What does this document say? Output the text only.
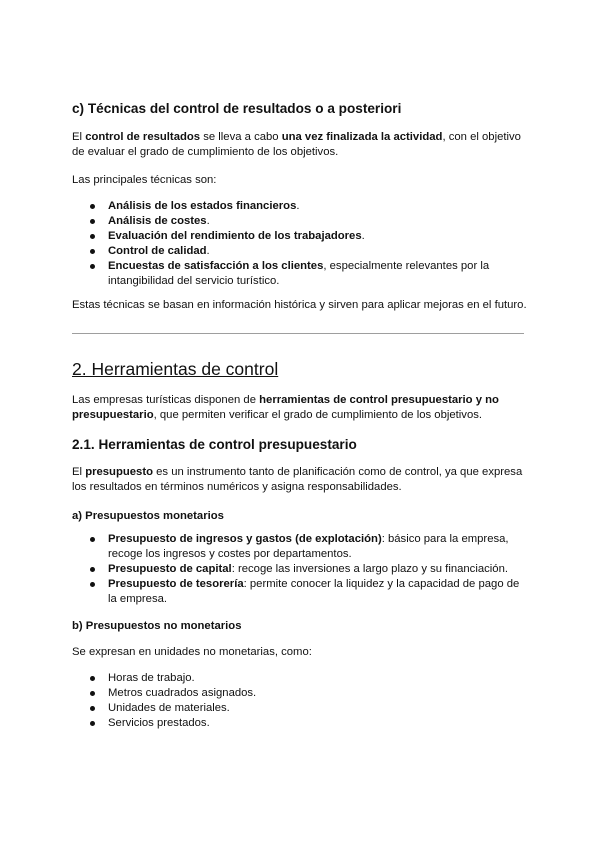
c) Técnicas del control de resultados o a posteriori

El control de resultados se lleva a cabo una vez finalizada la actividad, con el objetivo de evaluar el grado de cumplimiento de los objetivos.

Las principales técnicas son:

Análisis de los estados financieros.
Análisis de costes.
Evaluación del rendimiento de los trabajadores.
Control de calidad.
Encuestas de satisfacción a los clientes, especialmente relevantes por la intangibilidad del servicio turístico.

Estas técnicas se basan en información histórica y sirven para aplicar mejoras en el futuro.

2. Herramientas de control

Las empresas turísticas disponen de herramientas de control presupuestario y no presupuestario, que permiten verificar el grado de cumplimiento de los objetivos.

2.1. Herramientas de control presupuestario

El presupuesto es un instrumento tanto de planificación como de control, ya que expresa los resultados en términos numéricos y asigna responsabilidades.

a) Presupuestos monetarios

Presupuesto de ingresos y gastos (de explotación): básico para la empresa, recoge los ingresos y costes por departamentos.
Presupuesto de capital: recoge las inversiones a largo plazo y su financiación.
Presupuesto de tesorería: permite conocer la liquidez y la capacidad de pago de la empresa.

b) Presupuestos no monetarios

Se expresan en unidades no monetarias, como:

Horas de trabajo.
Metros cuadrados asignados.
Unidades de materiales.
Servicios prestados.
